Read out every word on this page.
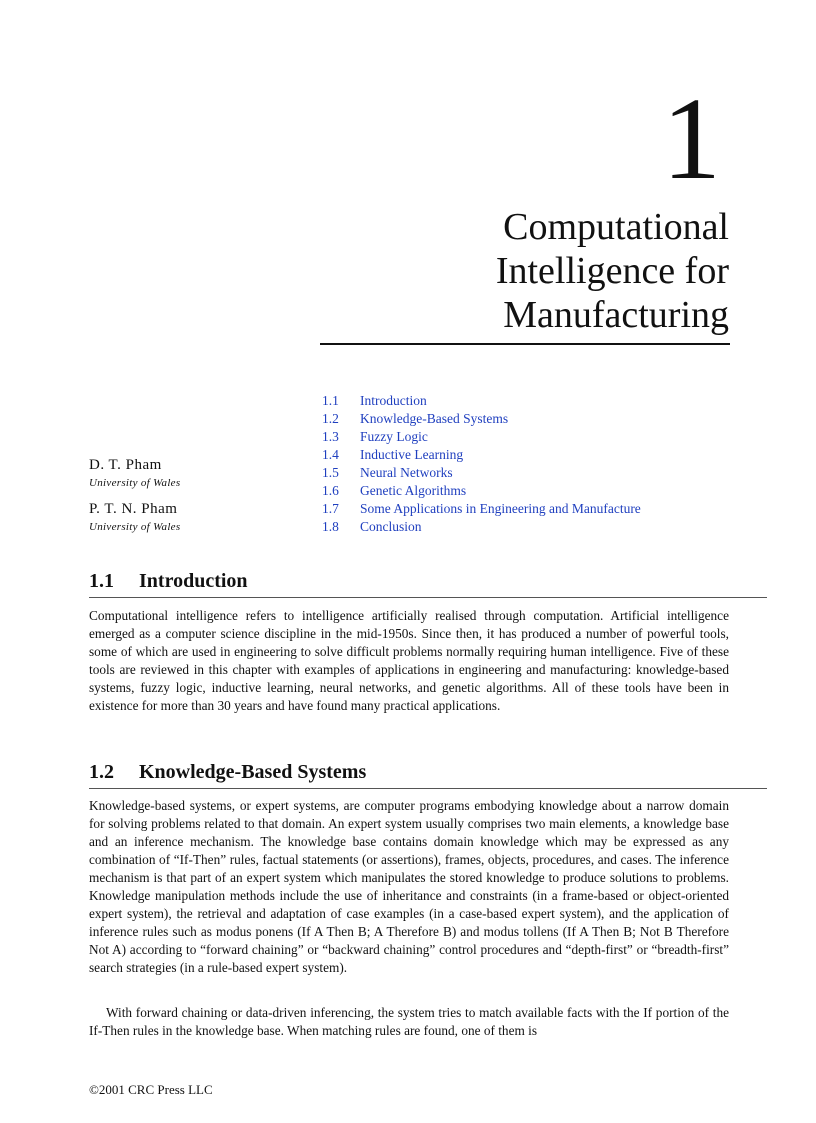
1
Computational
Intelligence for
Manufacturing
1.1 Introduction
1.2 Knowledge-Based Systems
1.3 Fuzzy Logic
1.4 Inductive Learning
1.5 Neural Networks
1.6 Genetic Algorithms
1.7 Some Applications in Engineering and Manufacture
1.8 Conclusion
D. T. Pham
University of Wales
P. T. N. Pham
University of Wales
1.1 Introduction

Computational intelligence refers to intelligence artificially realised through computation. Artificial intelligence emerged as a computer science discipline in the mid-1950s. Since then, it has produced a number of powerful tools, some of which are used in engineering to solve difficult problems normally requiring human intelligence. Five of these tools are reviewed in this chapter with examples of applications in engineering and manufacturing: knowledge-based systems, fuzzy logic, inductive learning, neural networks, and genetic algorithms. All of these tools have been in existence for more than 30 years and have found many practical applications.

1.2 Knowledge-Based Systems

Knowledge-based systems, or expert systems, are computer programs embodying knowledge about a narrow domain for solving problems related to that domain. An expert system usually comprises two main elements, a knowledge base and an inference mechanism. The knowledge base contains domain knowledge which may be expressed as any combination of “If-Then” rules, factual statements (or assertions), frames, objects, procedures, and cases. The inference mechanism is that part of an expert system which manipulates the stored knowledge to produce solutions to problems. Knowledge manipulation methods include the use of inheritance and constraints (in a frame-based or object-oriented expert system), the retrieval and adaptation of case examples (in a case-based expert system), and the application of inference rules such as modus ponens (If A Then B; A Therefore B) and modus tollens (If A Then B; Not B Therefore Not A) according to “forward chaining” or “backward chaining” control procedures and “depth-first” or “breadth-first” search strategies (in a rule-based expert system).

With forward chaining or data-driven inferencing, the system tries to match available facts with the If portion of the If-Then rules in the knowledge base. When matching rules are found, one of them is

©2001 CRC Press LLC
